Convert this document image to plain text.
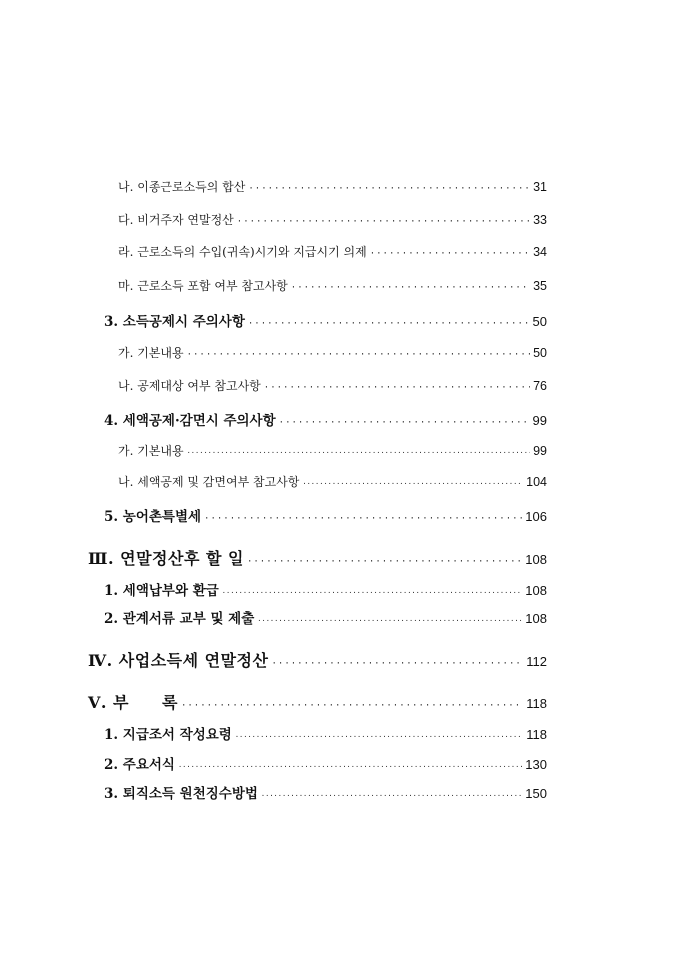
나. 이종근로소득의 합산 ·····	31
다. 비거주자 연말정산 ·····	33
라. 근로소득의 수입(귀속)시기와 지급시기 의제 ·····	34
마. 근로소득 포함 여부 참고사항 ·····	35
3. 소득공제시 주의사항 ·····	50
가. 기본내용 ·····	50
나. 공제대상 여부 참고사항 ·····	76
4. 세액공제·감면시 주의사항 ·····	99
가. 기본내용 ·····	99
나. 세액공제 및 감면여부 참고사항 ·····	104
5. 농어촌특별세 ·····	106
Ⅲ. 연말정산후 할 일 ·····	108
1. 세액납부와 환급 ·····	108
2. 관계서류 교부 및 제출 ·····	108
Ⅳ. 사업소득세 연말정산 ·····	112
Ⅴ. 부　　록 ·····	118
1. 지급조서 작성요령 ·····	118
2. 주요서식 ·····	130
3. 퇴직소득 원천징수방법 ·····	150
